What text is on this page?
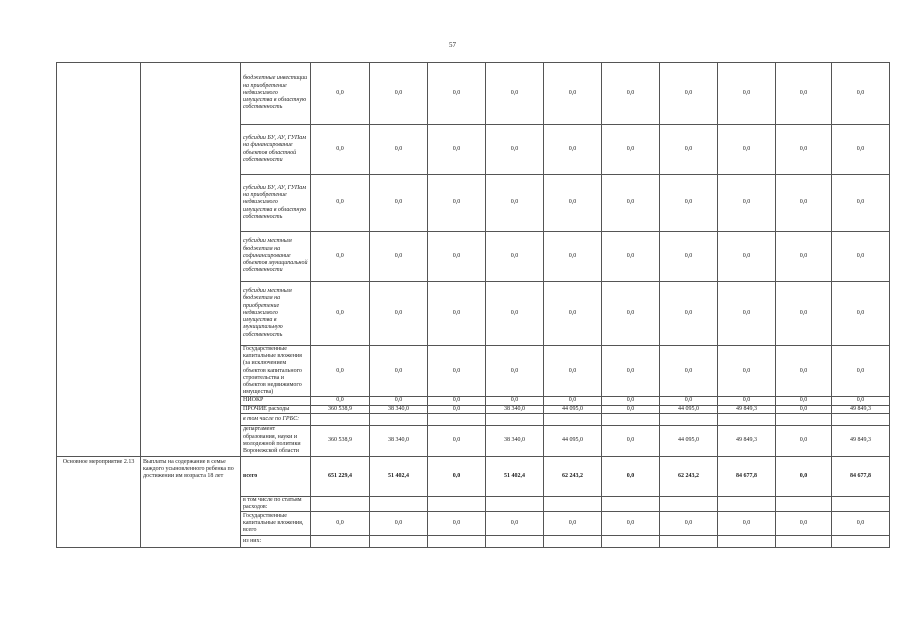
57
		бюджетные инвестиции на приобретение недвижимого имущества в областную собственность	0,0	0,0	0,0	0,0	0,0	0,0	0,0	0,0	0,0	0,0
		субсидии БУ, АУ, ГУПам на финансирование объектов областной собственности	0,0	0,0	0,0	0,0	0,0	0,0	0,0	0,0	0,0	0,0
		субсидии БУ, АУ, ГУПам на приобретение недвижимого имущества в областную собственность	0,0	0,0	0,0	0,0	0,0	0,0	0,0	0,0	0,0	0,0
		субсидии местным бюджетам на софинансирование объектов муниципальной собственности	0,0	0,0	0,0	0,0	0,0	0,0	0,0	0,0	0,0	0,0
		субсидии местным бюджетам на приобретение недвижимого имущества в муниципальную собственность	0,0	0,0	0,0	0,0	0,0	0,0	0,0	0,0	0,0	0,0
		Государственные капитальные вложения (за исключением объектов капитального строительства и объектов недвижимого имущества)	0,0	0,0	0,0	0,0	0,0	0,0	0,0	0,0	0,0	0,0
		НИОКР	0,0	0,0	0,0	0,0	0,0	0,0	0,0	0,0	0,0	0,0
		ПРОЧИЕ расходы	360 538,9	38 340,0	0,0	38 340,0	44 095,0	0,0	44 095,0	49 849,3	0,0	49 849,3
		в том числе по ГРБС:										
		департамент образования, науки и молодежной политики Воронежской области	360 538,9	38 340,0	0,0	38 340,0	44 095,0	0,0	44 095,0	49 849,3	0,0	49 849,3
Основное мероприятие 2.13	Выплаты на содержание в семье каждого усыновленного ребенка по достижении им возраста 18 лет	всего	651 229,4	51 402,4	0,0	51 402,4	62 243,2	0,0	62 243,2	84 677,8	0,0	84 677,8
		в том числе по статьям расходов:										
		Государственные капитальные вложения, всего	0,0	0,0	0,0	0,0	0,0	0,0	0,0	0,0	0,0	0,0
		из них:										
